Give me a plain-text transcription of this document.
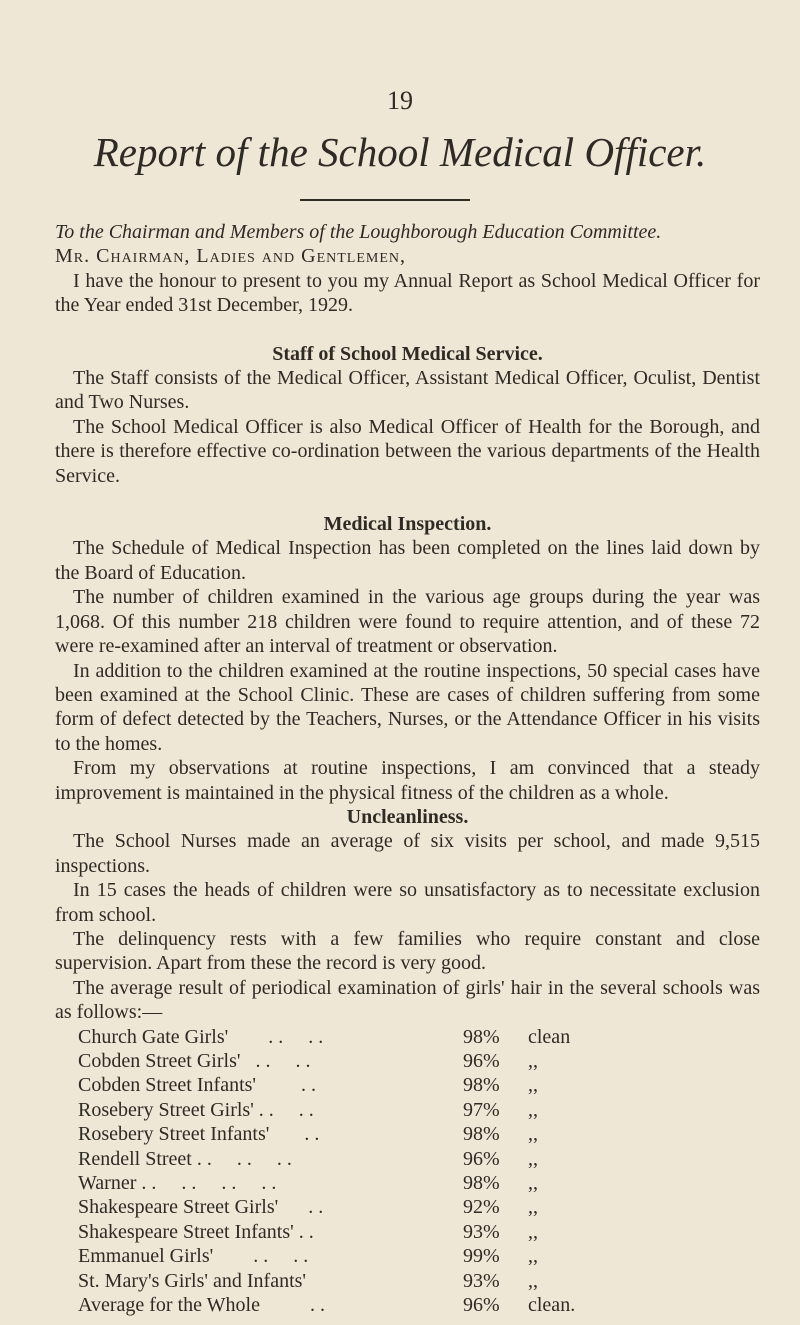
19
Report of the School Medical Officer.

To the Chairman and Members of the Loughborough Education Committee.

Mr. Chairman, Ladies and Gentlemen,

I have the honour to present to you my Annual Report as School Medical Officer for the Year ended 31st December, 1929.

Staff of School Medical Service.

The Staff consists of the Medical Officer, Assistant Medical Officer, Oculist, Dentist and Two Nurses.

The School Medical Officer is also Medical Officer of Health for the Borough, and there is therefore effective co-ordination between the various departments of the Health Service.

Medical Inspection.

The Schedule of Medical Inspection has been completed on the lines laid down by the Board of Education.

The number of children examined in the various age groups during the year was 1,068. Of this number 218 children were found to require attention, and of these 72 were re-examined after an interval of treatment or observation.

In addition to the children examined at the routine inspections, 50 special cases have been examined at the School Clinic. These are cases of children suffering from some form of defect detected by the Teachers, Nurses, or the Attendance Officer in his visits to the homes.

From my observations at routine inspections, I am convinced that a steady improvement is maintained in the physical fitness of the children as a whole.

Uncleanliness.

The School Nurses made an average of six visits per school, and made 9,515 inspections.

In 15 cases the heads of children were so unsatisfactory as to necessitate exclusion from school.

The delinquency rests with a few families who require constant and close supervision. Apart from these the record is very good.

The average result of periodical examination of girls' hair in the several schools was as follows:—

Church Gate Girls'        . .     . .	98%	clean
Cobden Street Girls'   . .     . .	96%	,,
Cobden Street Infants'         . .	98%	,,
Rosebery Street Girls' . .     . .	97%	,,
Rosebery Street Infants'       . .	98%	,,
Rendell Street . .     . .     . .	96%	,,
Warner . .     . .     . .     . .	98%	,,
Shakespeare Street Girls'      . .	92%	,,
Shakespeare Street Infants' . .	93%	,,
Emmanuel Girls'        . .     . .	99%	,,
St. Mary's Girls' and Infants'	93%	,,
Average for the Whole          . .	96%	clean.
